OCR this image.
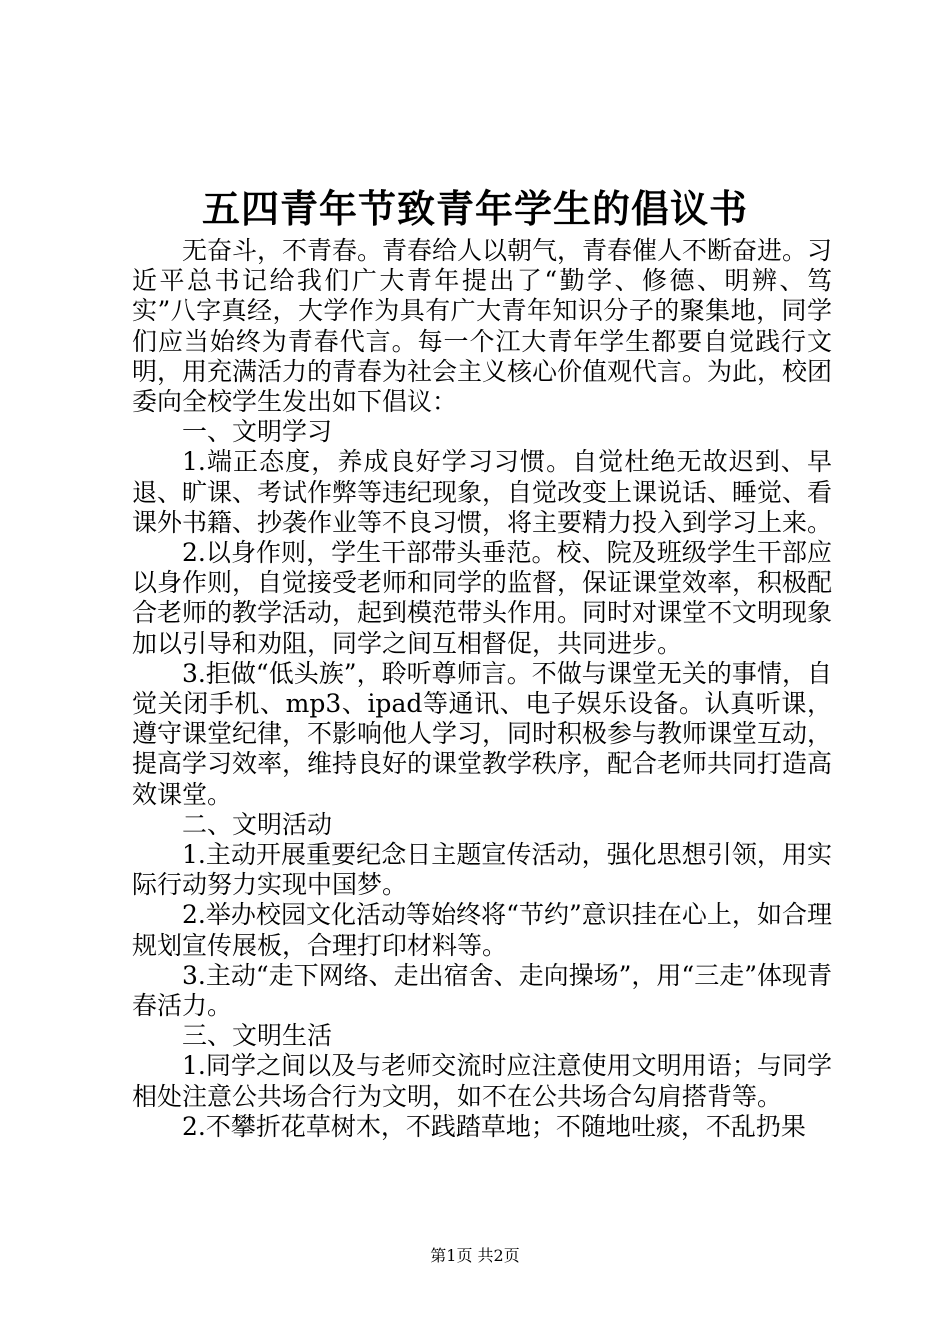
五四青年节致青年学生的倡议书

无奋斗，不青春。青春给人以朝气，青春催人不断奋进。习近平总书记给我们广大青年提出了“勤学、修德、明辨、笃实”八字真经，大学作为具有广大青年知识分子的聚集地，同学们应当始终为青春代言。每一个江大青年学生都要自觉践行文明，用充满活力的青春为社会主义核心价值观代言。为此，校团委向全校学生发出如下倡议：

一、文明学习

1.端正态度，养成良好学习习惯。自觉杜绝无故迟到、早退、旷课、考试作弊等违纪现象，自觉改变上课说话、睡觉、看课外书籍、抄袭作业等不良习惯，将主要精力投入到学习上来。

2.以身作则，学生干部带头垂范。校、院及班级学生干部应以身作则，自觉接受老师和同学的监督，保证课堂效率，积极配合老师的教学活动，起到模范带头作用。同时对课堂不文明现象加以引导和劝阻，同学之间互相督促，共同进步。

3.拒做“低头族”，聆听尊师言。不做与课堂无关的事情，自觉关闭手机、mp3、ipad等通讯、电子娱乐设备。认真听课，遵守课堂纪律，不影响他人学习，同时积极参与教师课堂互动，提高学习效率，维持良好的课堂教学秩序，配合老师共同打造高效课堂。

二、文明活动

1.主动开展重要纪念日主题宣传活动，强化思想引领，用实际行动努力实现中国梦。

2.举办校园文化活动等始终将“节约”意识挂在心上，如合理规划宣传展板，合理打印材料等。

3.主动“走下网络、走出宿舍、走向操场”，用“三走”体现青春活力。

三、文明生活

1.同学之间以及与老师交流时应注意使用文明用语；与同学相处注意公共场合行为文明，如不在公共场合勾肩搭背等。

2.不攀折花草树木，不践踏草地；不随地吐痰，不乱扔果

第1页 共2页
